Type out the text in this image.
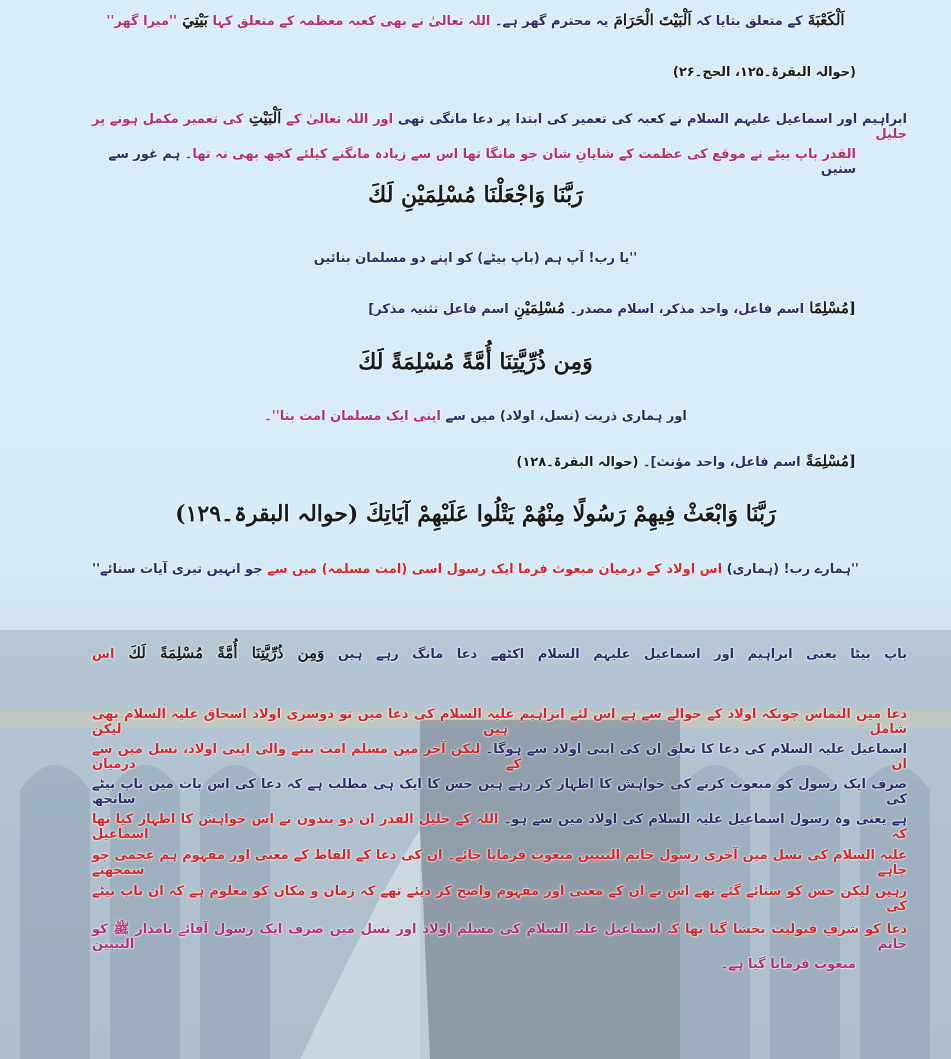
اَلْكَعْبَةَ کے متعلق بتایا کہ اَلْبَيْتَ الْحَرَامَ یہ محترم گھر ہے۔ اللہ تعالیٰ نے بھی کعبہ معظمہ کے متعلق کہا بَيْتِيَ ''میرا گھر''
(حوالہ البقرۃ۔۱۲۵، الحج۔۲۶)
ابراہیم اور اسماعیل علیہم السلام نے کعبہ کی تعمیر کی ابتدا پر دعا مانگی تھی اور اللہ تعالیٰ کے اَلْبَيْتِ کی تعمیر مکمل ہونے پر جلیل
القدر باپ بیٹے نے موقع کی عظمت کے شایانِ شان جو مانگا تھا اس سے زیادہ مانگنے کیلئے کچھ بھی نہ تھا۔ ہم غور سے سنیں
رَبَّنَا وَاجْعَلْنَا مُسْلِمَيْنِ لَكَ
''یا رب! آپ ہم (باپ بیٹے) کو اپنے دو مسلمان بنائیں
[مُسْلِمًا اسم فاعل، واحد مذکر، اسلام مصدر۔ مُسْلِمَيْنِ اسم فاعل تثنیہ مذکر]
وَمِن ذُرِّيَّتِنَا أُمَّةً مُسْلِمَةً لَكَ
اور ہماری ذریت (نسل، اولاد) میں سے اپنی ایک مسلمان امت بنا''۔
[مُسْلِمَةً اسم فاعل، واحد مؤنث]۔ (حوالہ البقرۃ۔۱۲۸)
رَبَّنَا وَابْعَثْ فِيهِمْ رَسُولًا مِنْهُمْ يَتْلُوا عَلَيْهِمْ آيَاتِكَ (حوالہ البقرۃ۔۱۲۹)
''ہمارے رب! (ہماری) اس اولاد کے درمیان مبعوث فرما ایک رسول اسی (امت مسلمہ) میں سے جو انہیں تیری آیات سنائے''
باپ بیٹا یعنی ابراہیم اور اسماعیل علیہم السلام اکٹھے دعا مانگ رہے ہیں وَمِن ذُرِّيَّتِنَا أُمَّةً مُسْلِمَةً لَكَ اس
دعا میں التماس چونکہ اولاد کے حوالے سے ہے اس لئے ابراہیم علیہ السلام کی دعا میں تو دوسری اولاد اسحاق علیہ السلام بھی شامل ہیں لیکن
اسماعیل علیہ السلام کی دعا کا تعلق ان کی اپنی اولاد سے ہوگا۔ لیکن آخر میں مسلم امت بننے والی اپنی اولاد، نسل میں سے ان کے درمیان
صرف ایک رسول کو مبعوث کرنے کی خواہش کا اظہار کر رہے ہیں جس کا ایک ہی مطلب ہے کہ دعا کی اس بات میں باپ بیٹے کی سانجھ
ہے یعنی وہ رسول اسماعیل علیہ السلام کی اولاد میں سے ہو۔ اللہ کے جلیل القدر ان دو بندوں نے اس خواہش کا اظہار کیا تھا کہ اسماعیل
علیہ السلام کی نسل میں آخری رسول خاتم النبیین مبعوث فرمایا جائے۔ ان کی دعا کے الفاظ کے معنی اور مفہوم ہم عجمی جو چاہے سمجھتے
رہیں لیکن جس کو سنائے گئے تھے اس نے ان کے معنی اور مفہوم واضح کر دیئے تھے کہ زمان و مکاں کو معلوم ہے کہ ان باپ بیٹے کی
دعا کو شرفِ قبولیت بخشا گیا تھا کہ اسماعیل علیہ السلام کی مسلم اولاد اور نسل میں صرف ایک رسول آقائے نامدار ﷺ کو خاتم النبیین
مبعوث فرمایا گیا ہے۔
